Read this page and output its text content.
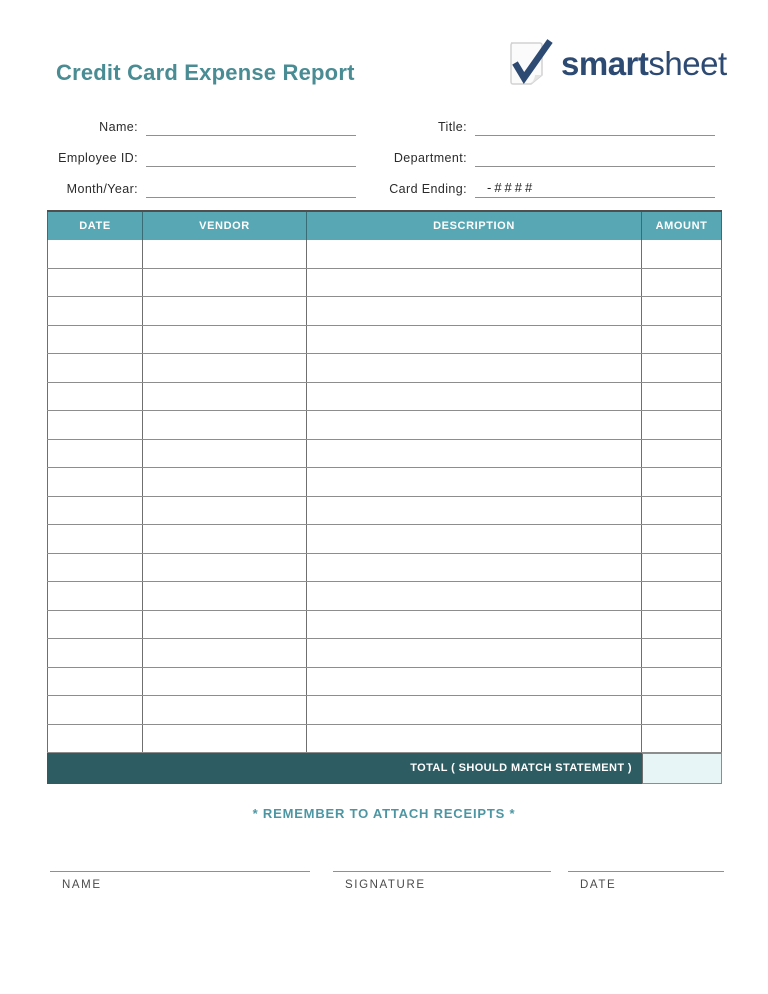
Credit Card Expense Report	smartsheet
Name:
Employee ID:
Month/Year:
Title:
Department:
Card Ending:	-####
DATE	VENDOR	DESCRIPTION	AMOUNT
TOTAL ( SHOULD MATCH STATEMENT )
* REMEMBER TO ATTACH RECEIPTS *
NAME	SIGNATURE	DATE
